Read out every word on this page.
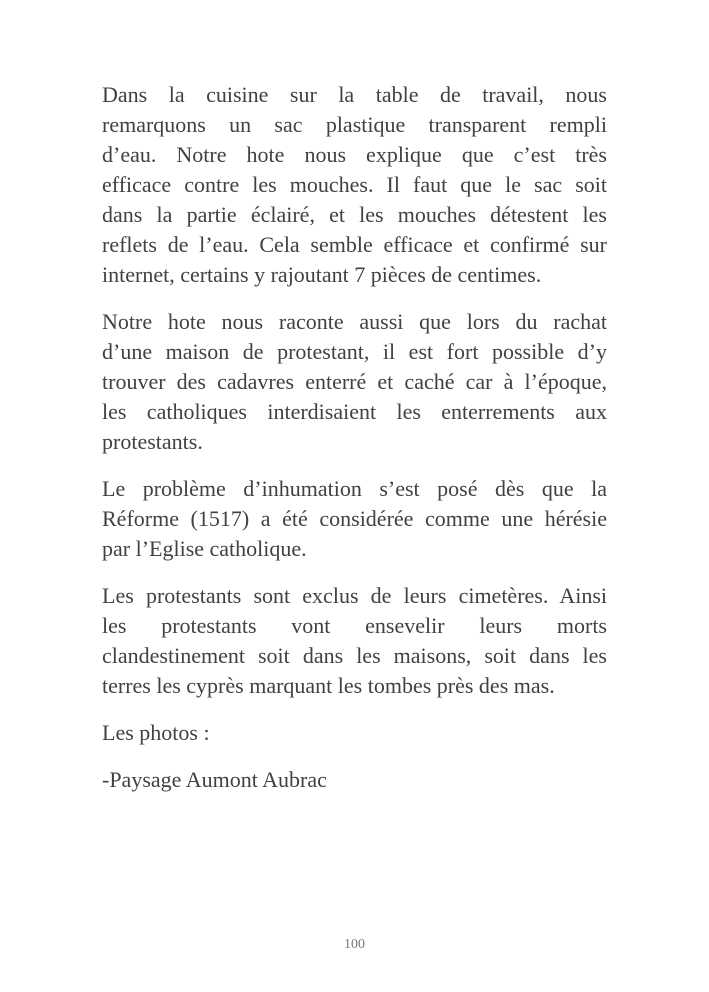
Dans la cuisine sur la table de travail, nous
remarquons un sac plastique transparent rempli
d’eau. Notre hote nous explique que c’est très
efficace contre les mouches. Il faut que le sac soit
dans la partie éclairé, et les mouches détestent les
reflets de l’eau. Cela semble efficace et confirmé sur
internet, certains y rajoutant 7 pièces de centimes.
Notre hote nous raconte aussi que lors du rachat
d’une maison de protestant, il est fort possible d’y
trouver des cadavres enterré et caché car à l’époque,
les catholiques interdisaient les enterrements aux
protestants.
Le problème d’inhumation s’est posé dès que la
Réforme (1517) a été considérée comme une hérésie
par l’Eglise catholique.
Les protestants sont exclus de leurs cimetères. Ainsi
les protestants vont ensevelir leurs morts
clandestinement soit dans les maisons, soit dans les
terres les cyprès marquant les tombes près des mas.
Les photos :
-Paysage Aumont Aubrac
100
